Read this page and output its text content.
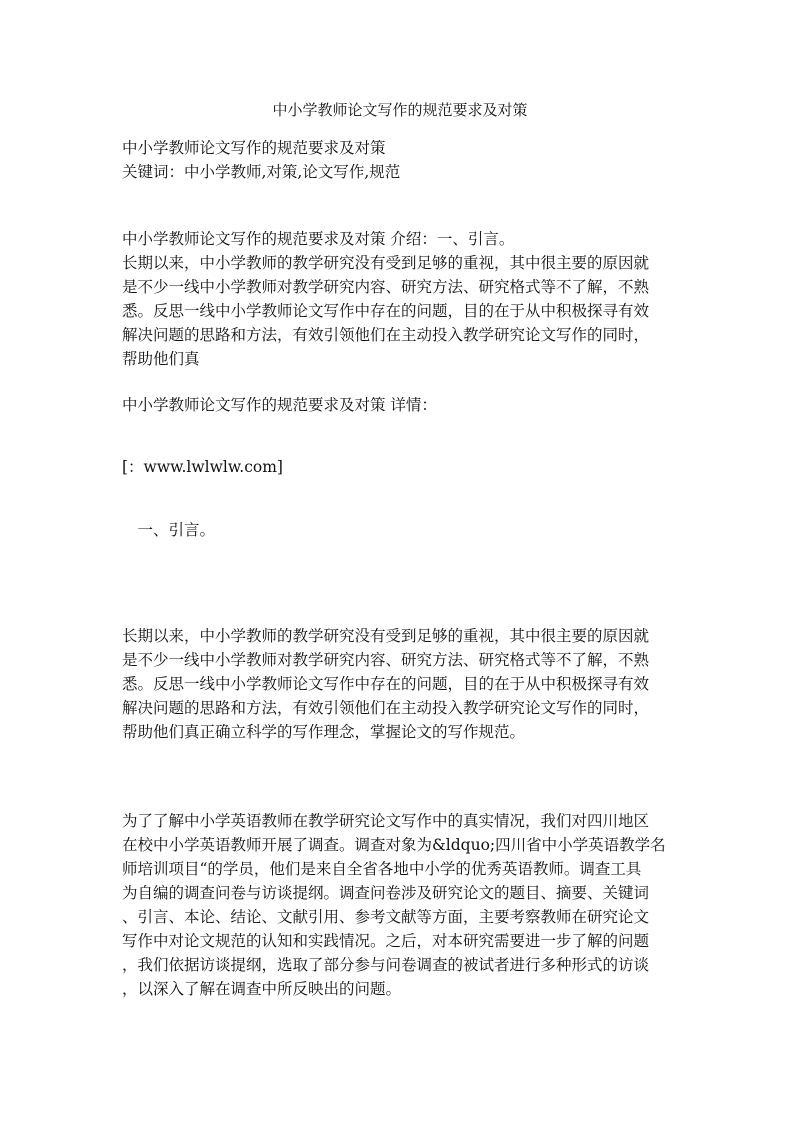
中小学教师论文写作的规范要求及对策
中小学教师论文写作的规范要求及对策
关键词：中小学教师,对策,论文写作,规范
中小学教师论文写作的规范要求及对策 介绍：一、引言。
长期以来，中小学教师的教学研究没有受到足够的重视，其中很主要的原因就
是不少一线中小学教师对教学研究内容、研究方法、研究格式等不了解，不熟
悉。反思一线中小学教师论文写作中存在的问题，目的在于从中积极探寻有效
解决问题的思路和方法，有效引领他们在主动投入教学研究论文写作的同时，
帮助他们真
中小学教师论文写作的规范要求及对策 详情：
[：www.lwlwlw.com]
　一、引言。
长期以来，中小学教师的教学研究没有受到足够的重视，其中很主要的原因就
是不少一线中小学教师对教学研究内容、研究方法、研究格式等不了解，不熟
悉。反思一线中小学教师论文写作中存在的问题，目的在于从中积极探寻有效
解决问题的思路和方法，有效引领他们在主动投入教学研究论文写作的同时，
帮助他们真正确立科学的写作理念，掌握论文的写作规范。
为了了解中小学英语教师在教学研究论文写作中的真实情况，我们对四川地区
在校中小学英语教师开展了调查。调查对象为&ldquo;四川省中小学英语教学名
师培训项目“的学员，他们是来自全省各地中小学的优秀英语教师。调查工具
为自编的调查问卷与访谈提纲。调查问卷涉及研究论文的题目、摘要、关键词
、引言、本论、结论、文献引用、参考文献等方面，主要考察教师在研究论文
写作中对论文规范的认知和实践情况。之后，对本研究需要进一步了解的问题
，我们依据访谈提纲，选取了部分参与问卷调查的被试者进行多种形式的访谈
，以深入了解在调查中所反映出的问题。
